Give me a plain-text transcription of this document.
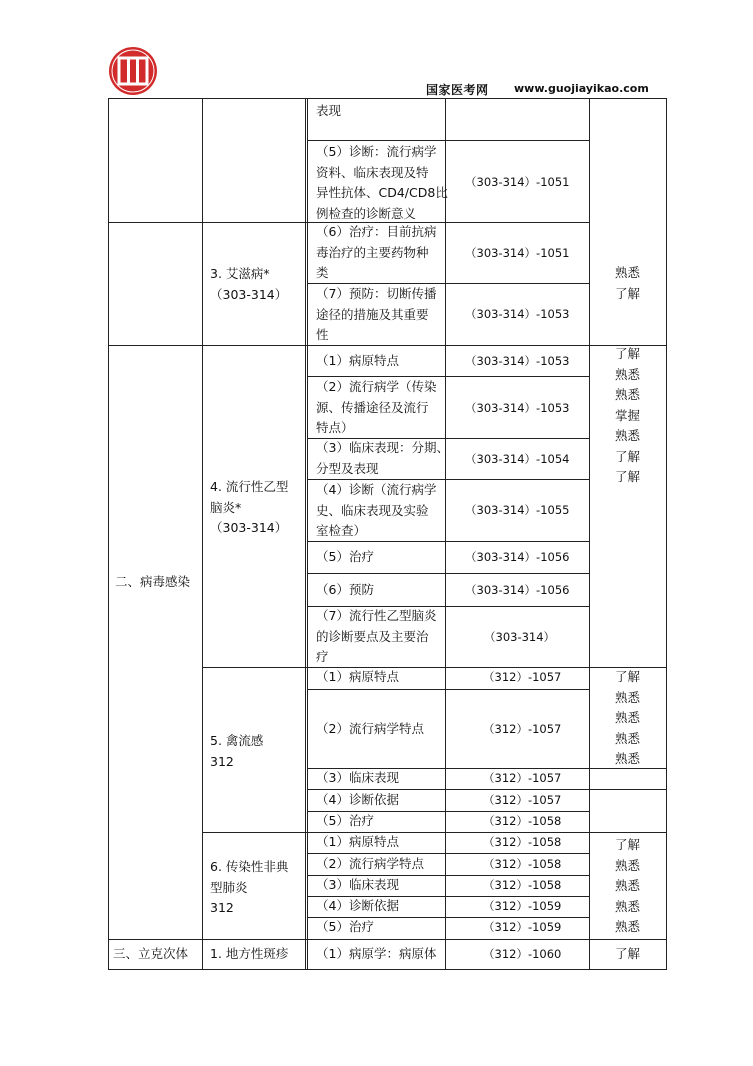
国家医考网 www.guojiayikao.com
二、病毒感染
三、立克次体
3. 艾滋病*
（303-314）
4. 流行性乙型
脑炎*
（303-314）
5. 禽流感
312
6. 传染性非典
型肺炎
312
1. 地方性斑疹
表现
（5）诊断：流行病学
资料、临床表现及特
异性抗体、CD4/CD8比
例检查的诊断意义
（6）治疗：目前抗病
毒治疗的主要药物种
类
（7）预防：切断传播
途径的措施及其重要
性
（1）病原特点
（2）流行病学（传染
源、传播途径及流行
特点）
（3）临床表现：分期、
分型及表现
（4）诊断（流行病学
史、临床表现及实验
室检查）
（5）治疗
（6）预防
（7）流行性乙型脑炎
的诊断要点及主要治
疗
（1）病原特点
（2）流行病学特点
（3）临床表现
（4）诊断依据
（5）治疗
（1）病原特点
（2）流行病学特点
（3）临床表现
（4）诊断依据
（5）治疗
（1）病原学：病原体
（303-314）-1051
（303-314）-1051
（303-314）-1053
（303-314）-1053
（303-314）-1053
（303-314）-1054
（303-314）-1055
（303-314）-1056
（303-314）-1056
（303-314）
（312）-1057
（312）-1057
（312）-1057
（312）-1057
（312）-1058
（312）-1058
（312）-1058
（312）-1058
（312）-1059
（312）-1059
（312）-1060
熟悉
了解
了解
熟悉
熟悉
掌握
熟悉
了解
了解
了解
熟悉
熟悉
熟悉
熟悉
了解
熟悉
熟悉
熟悉
熟悉
了解
